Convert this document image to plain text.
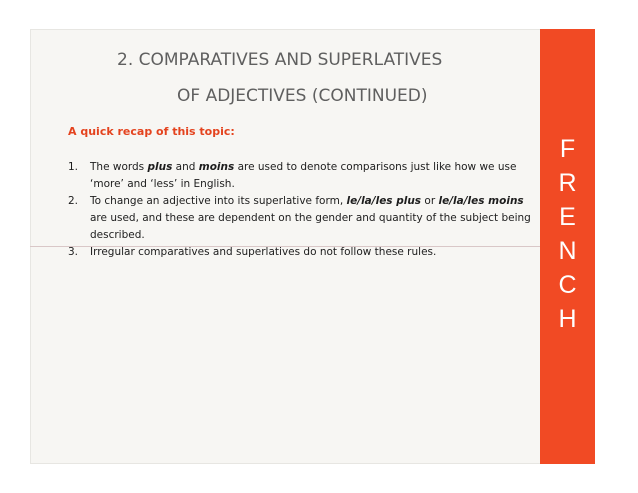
F
R
E
N
C
H
2. COMPARATIVES AND SUPERLATIVES
OF ADJECTIVES (CONTINUED)
A quick recap of this topic:
1. The words plus and moins are used to denote comparisons just like how we use ‘more’ and ‘less’ in English.
2. To change an adjective into its superlative form, le/la/les plus or le/la/les moins are used, and these are dependent on the gender and quantity of the subject being described.
3. Irregular comparatives and superlatives do not follow these rules.
